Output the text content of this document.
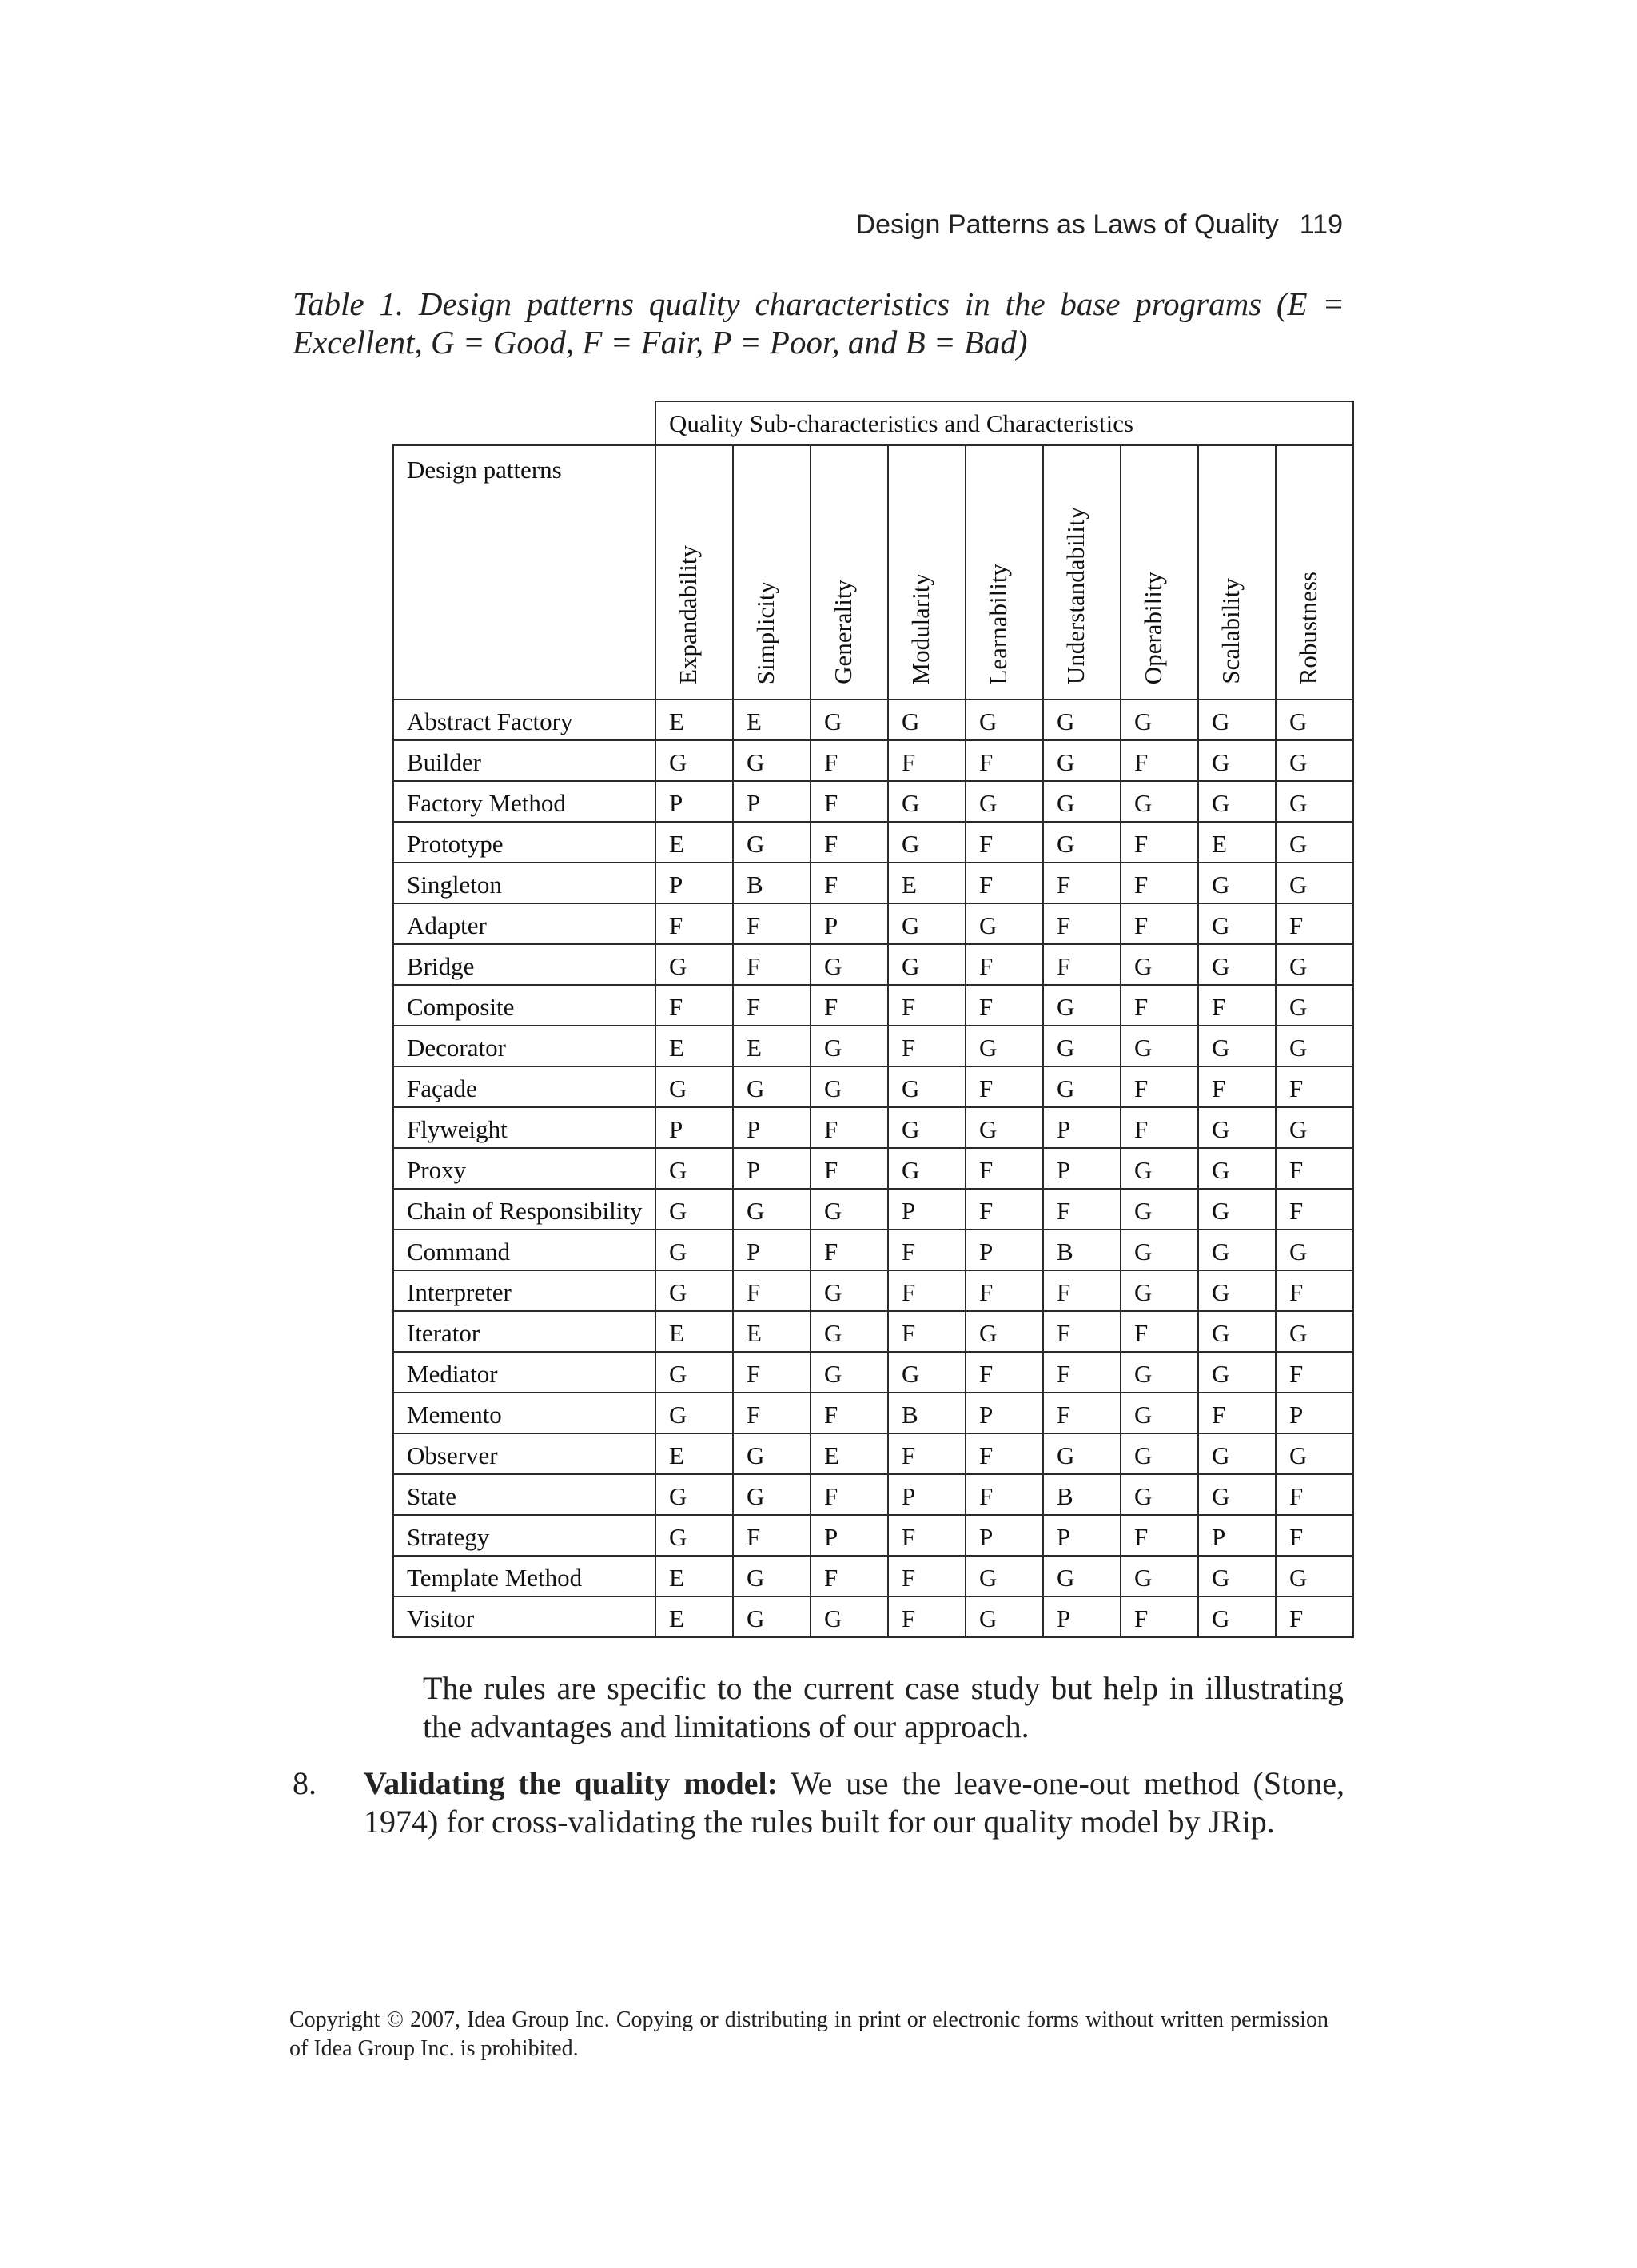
Design Patterns as Laws of Quality 119

Table 1. Design patterns quality characteristics in the base programs (E = Excellent, G = Good, F = Fair, P = Poor, and B = Bad)

	Quality Sub-characteristics and Characteristics								
Design patterns	Expandability	Simplicity	Generality	Modularity	Learnability	Understandability	Operability	Scalability	Robustness
Abstract Factory	E	E	G	G	G	G	G	G	G
Builder	G	G	F	F	F	G	F	G	G
Factory Method	P	P	F	G	G	G	G	G	G
Prototype	E	G	F	G	F	G	F	E	G
Singleton	P	B	F	E	F	F	F	G	G
Adapter	F	F	P	G	G	F	F	G	F
Bridge	G	F	G	G	F	F	G	G	G
Composite	F	F	F	F	F	G	F	F	G
Decorator	E	E	G	F	G	G	G	G	G
Façade	G	G	G	G	F	G	F	F	F
Flyweight	P	P	F	G	G	P	F	G	G
Proxy	G	P	F	G	F	P	G	G	F
Chain of Responsibility	G	G	G	P	F	F	G	G	F
Command	G	P	F	F	P	B	G	G	G
Interpreter	G	F	G	F	F	F	G	G	F
Iterator	E	E	G	F	G	F	F	G	G
Mediator	G	F	G	G	F	F	G	G	F
Memento	G	F	F	B	P	F	G	F	P
Observer	E	G	E	F	F	G	G	G	G
State	G	G	F	P	F	B	G	G	F
Strategy	G	F	P	F	P	P	F	P	F
Template Method	E	G	F	F	G	G	G	G	G
Visitor	E	G	G	F	G	P	F	G	F

The rules are specific to the current case study but help in illustrating the advantages and limitations of our approach.

8. Validating the quality model: We use the leave-one-out method (Stone, 1974) for cross-validating the rules built for our quality model by JRip.

Copyright © 2007, Idea Group Inc. Copying or distributing in print or electronic forms without written permission of Idea Group Inc. is prohibited.
